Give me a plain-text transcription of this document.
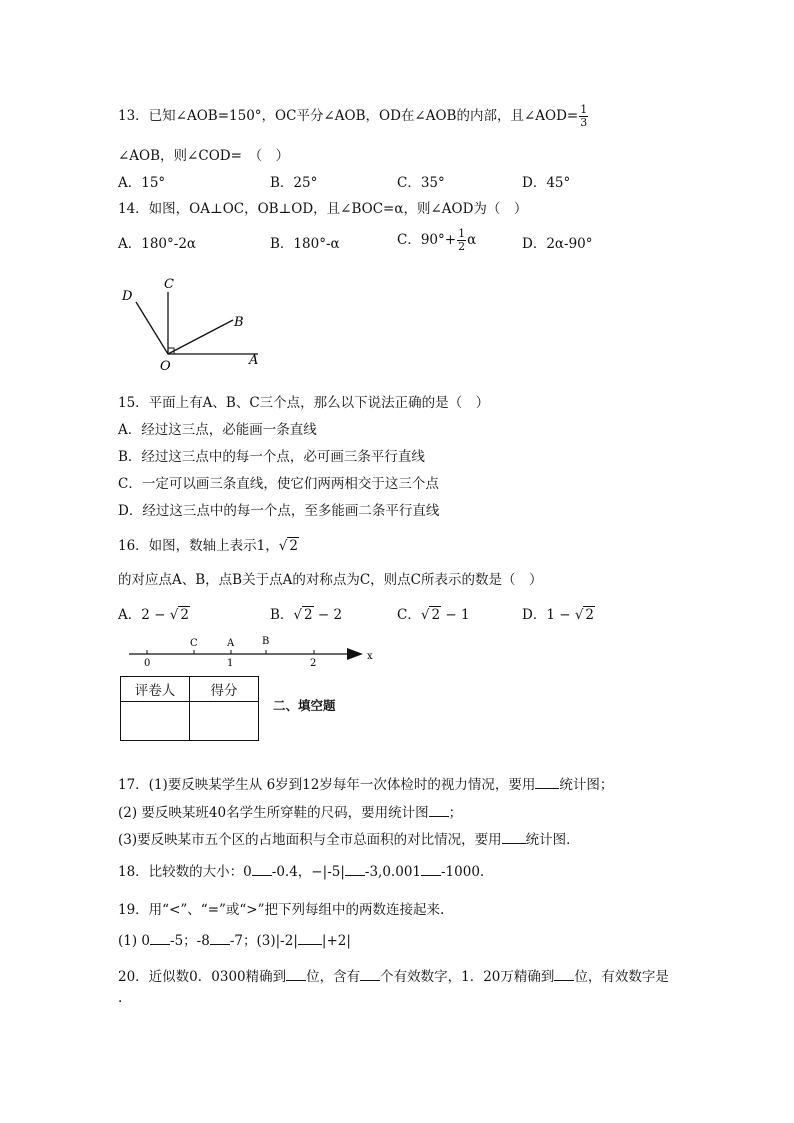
13．已知∠AOB=150°，OC平分∠AOB，OD在∠AOB的内部，且∠AOD= $\frac{1}{3}$
∠AOB，则∠COD=　（　）
A．15°	B．25°	C．35°	D．45°
14．如图，OA⊥OC，OB⊥OD，且∠BOC=α，则∠AOD为（　）
A．180°-2α	B．180°-α	C．$90^\circ+ \frac{1}{2}$ α	D．2α-90°
D
C
B
A
O
15．平面上有A、B、C三个点，那么以下说法正确的是（　）
A．经过这三点，必能画一条直线
B．经过这三点中的每一个点，必可画三条平行直线
C．一定可以画三条直线，使它们两两相交于这三个点
D．经过这三点中的每一个点，至多能画二条平行直线
16．如图，数轴上表示1，√ 2
的对应点A、B，点B关于点A的对称点为C，则点C所表示的数是（　）
A．2 − √ 2	B．√ 2 − 2	C．√ 2 − 1	D．1 − √ 2
C	A	B
0	1	2
x
评卷人	得分

二、填空题
17．(1)要反映某学生从 6岁到12岁每年一次体检时的视力情况，要用 统计图；
(2) 要反映某班40名学生所穿鞋的尺码，要用统计图 ；
(3)要反映某市五个区的占地面积与全市总面积的对比情况，要用 统计图．
18．比较数的大小：0 -0.4，−|-5| -3,0.001 -1000.
19．用“<”、“=”或“>”把下列每组中的两数连接起来.
(1) 0 -5；-8 -7；(3)|-2| |+2|
20．近似数0．0300精确到 位，含有 个有效数字，1．20万精确到 位，有效数字是
.
